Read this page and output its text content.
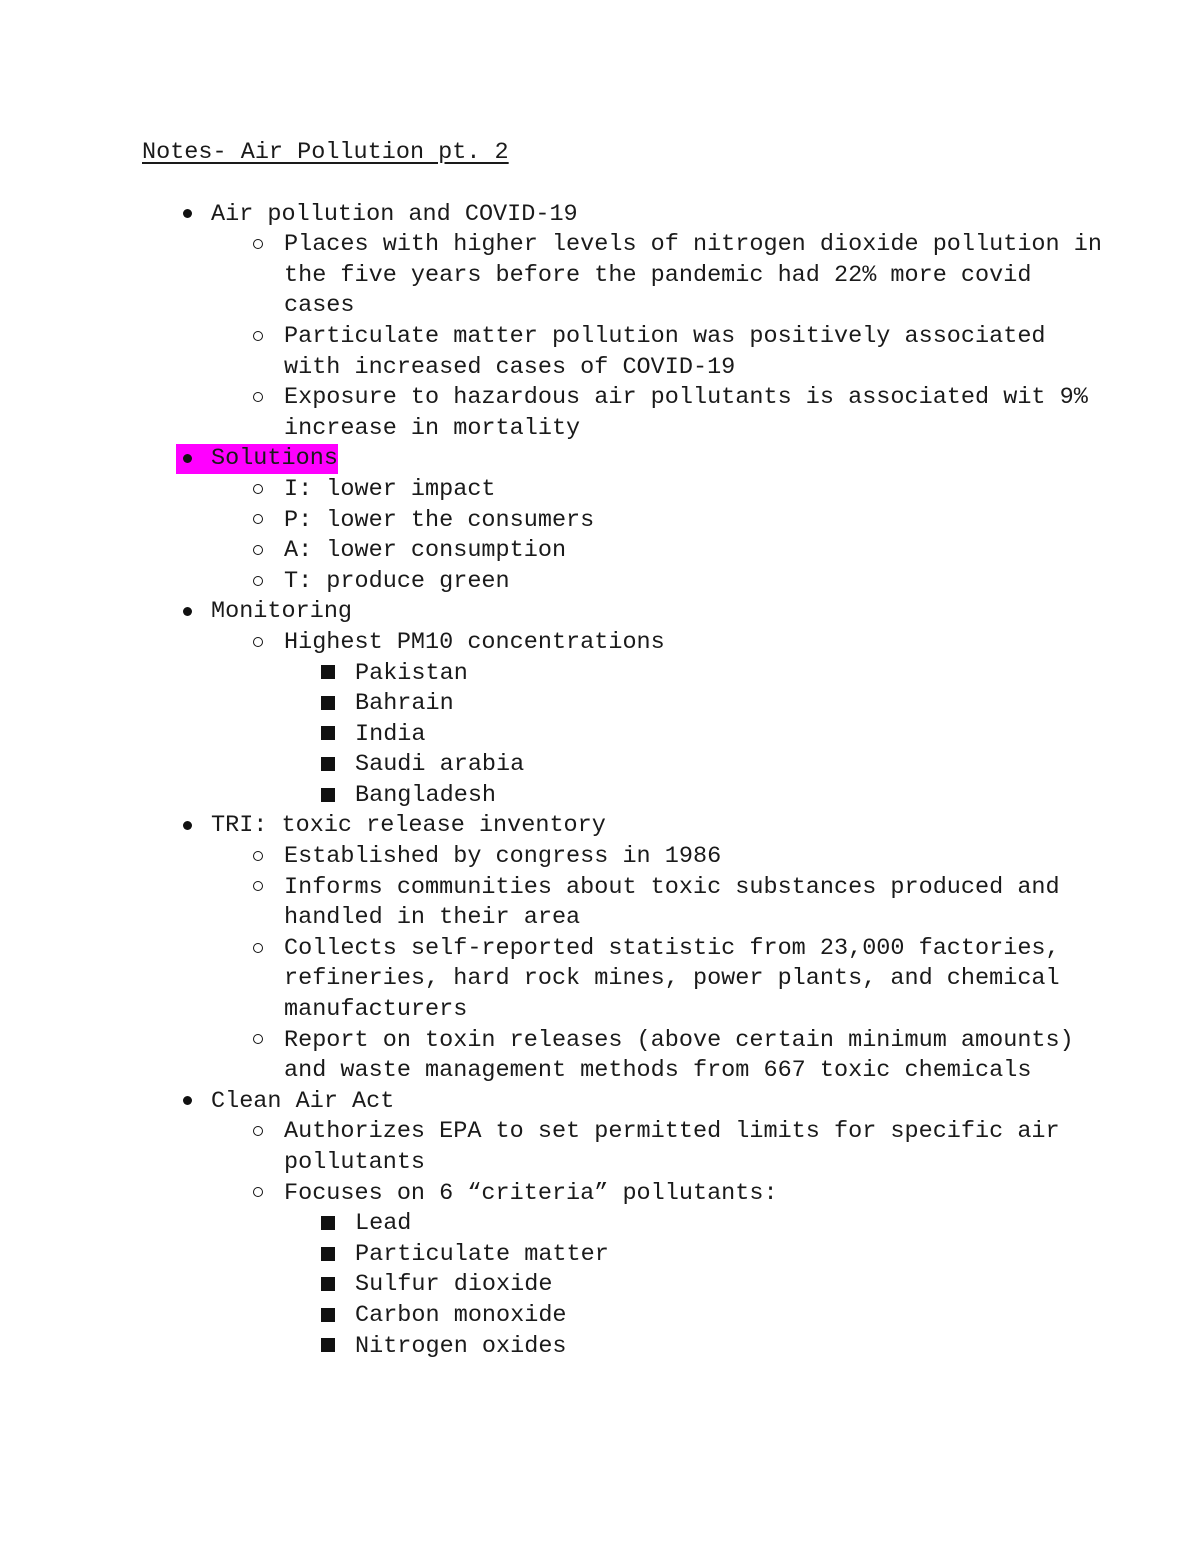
Notes- Air Pollution pt. 2
Air pollution and COVID-19
Places with higher levels of nitrogen dioxide pollution in the five years before the pandemic had 22% more covid cases
Particulate matter pollution was positively associated with increased cases of COVID-19
Exposure to hazardous air pollutants is associated wit 9% increase in mortality
Solutions
I: lower impact
P: lower the consumers
A: lower consumption
T: produce green
Monitoring
Highest PM10 concentrations
Pakistan
Bahrain
India
Saudi arabia
Bangladesh
TRI: toxic release inventory
Established by congress in 1986
Informs communities about toxic substances produced and handled in their area
Collects self-reported statistic from 23,000 factories, refineries, hard rock mines, power plants, and chemical manufacturers
Report on toxin releases (above certain minimum amounts) and waste management methods from 667 toxic chemicals
Clean Air Act
Authorizes EPA to set permitted limits for specific air pollutants
Focuses on 6 “criteria” pollutants:
Lead
Particulate matter
Sulfur dioxide
Carbon monoxide
Nitrogen oxides
